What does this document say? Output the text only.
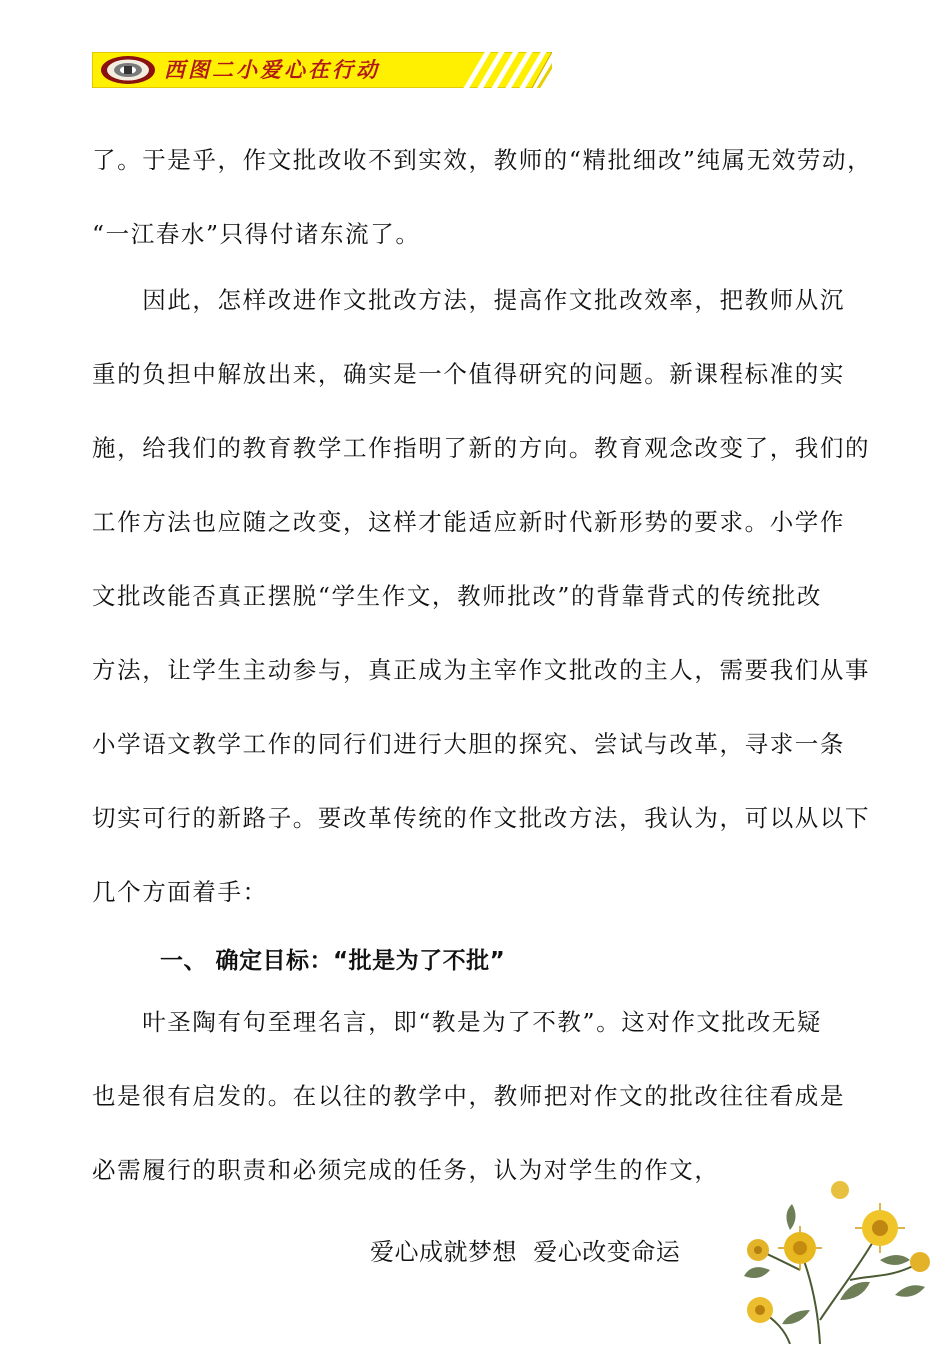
西图二小爱心在行动
了。于是乎，作文批改收不到实效，教师的“精批细改”纯属无效劳动，
“一江春水”只得付诸东流了。
　　因此，怎样改进作文批改方法，提高作文批改效率，把教师从沉
重的负担中解放出来，确实是一个值得研究的问题。新课程标准的实
施，给我们的教育教学工作指明了新的方向。教育观念改变了，我们的
工作方法也应随之改变，这样才能适应新时代新形势的要求。小学作
文批改能否真正摆脱“学生作文，教师批改”的背靠背式的传统批改
方法，让学生主动参与，真正成为主宰作文批改的主人，需要我们从事
小学语文教学工作的同行们进行大胆的探究、尝试与改革，寻求一条
切实可行的新路子。要改革传统的作文批改方法，我认为，可以从以下
几个方面着手：
一、 确定目标：“批是为了不批”
　　叶圣陶有句至理名言，即“教是为了不教”。这对作文批改无疑
也是很有启发的。在以往的教学中，教师把对作文的批改往往看成是
必需履行的职责和必须完成的任务，认为对学生的作文，
爱心成就梦想  爱心改变命运
